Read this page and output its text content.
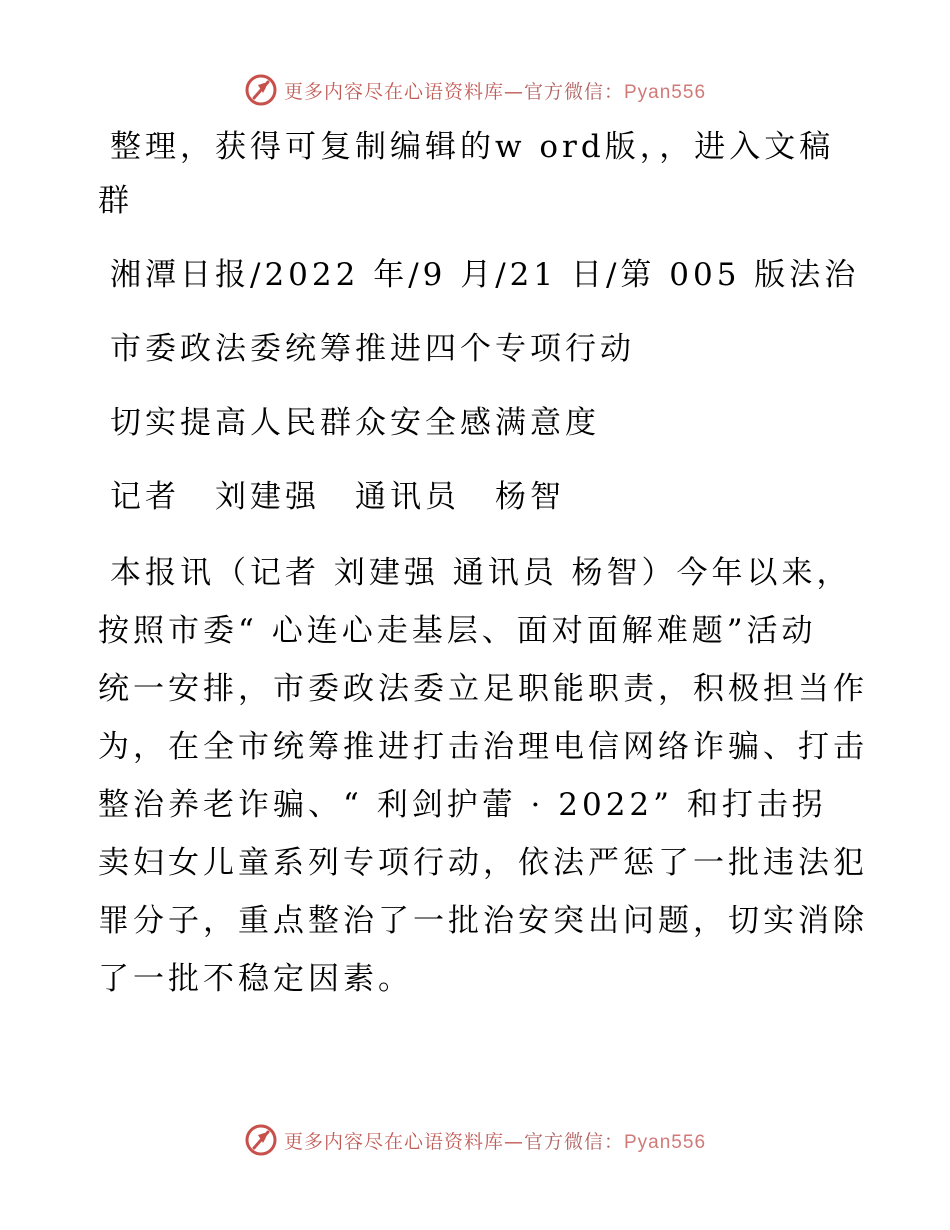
更多内容尽在心语资料库—官方微信：Pyan556

整理，获得可复制编辑的w ord版，，进入文稿

群

湘潭日报/2022 年/9 月/21 日/第 005 版法治

市委政法委统筹推进四个专项行动

切实提高人民群众安全感满意度

记者　刘建强　通讯员　杨智

本报讯（记者 刘建强 通讯员 杨智）今年以来，

按照市委“ 心连心走基层、面对面解难题”活动

统一安排，市委政法委立足职能职责，积极担当作

为，在全市统筹推进打击治理电信网络诈骗、打击

整治养老诈骗、“ 利剑护蕾 · 2022” 和打击拐

卖妇女儿童系列专项行动，依法严惩了一批违法犯

罪分子，重点整治了一批治安突出问题，切实消除

了一批不稳定因素。

更多内容尽在心语资料库—官方微信：Pyan556
